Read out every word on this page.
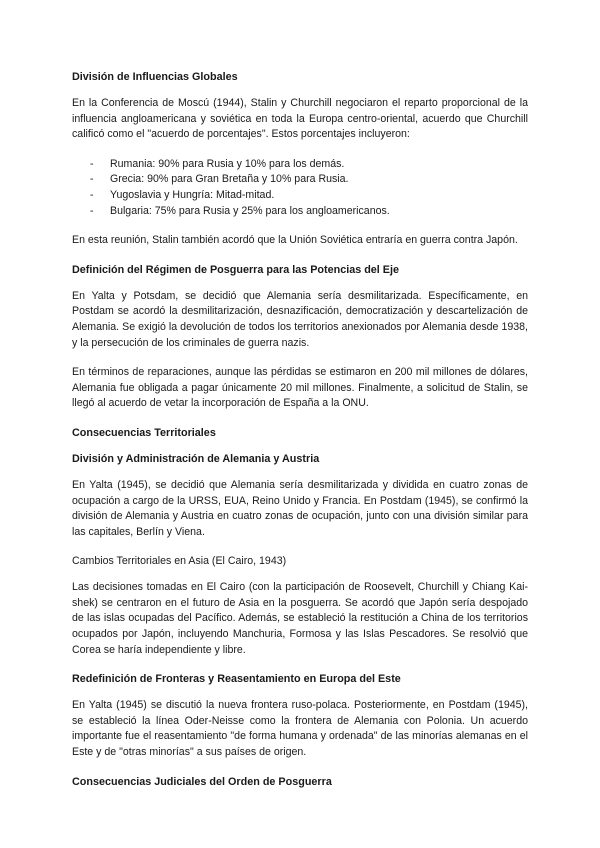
División de Influencias Globales

En la Conferencia de Moscú (1944), Stalin y Churchill negociaron el reparto proporcional de la influencia angloamericana y soviética en toda la Europa centro-oriental, acuerdo que Churchill calificó como el "acuerdo de porcentajes". Estos porcentajes incluyeron:

- Rumania: 90% para Rusia y 10% para los demás.
- Grecia: 90% para Gran Bretaña y 10% para Rusia.
- Yugoslavia y Hungría: Mitad-mitad.
- Bulgaria: 75% para Rusia y 25% para los angloamericanos.

En esta reunión, Stalin también acordó que la Unión Soviética entraría en guerra contra Japón.

Definición del Régimen de Posguerra para las Potencias del Eje

En Yalta y Potsdam, se decidió que Alemania sería desmilitarizada. Específicamente, en Postdam se acordó la desmilitarización, desnazificación, democratización y descartelización de Alemania. Se exigió la devolución de todos los territorios anexionados por Alemania desde 1938, y la persecución de los criminales de guerra nazis.

En términos de reparaciones, aunque las pérdidas se estimaron en 200 mil millones de dólares, Alemania fue obligada a pagar únicamente 20 mil millones. Finalmente, a solicitud de Stalin, se llegó al acuerdo de vetar la incorporación de España a la ONU.

Consecuencias Territoriales
División y Administración de Alemania y Austria

En Yalta (1945), se decidió que Alemania sería desmilitarizada y dividida en cuatro zonas de ocupación a cargo de la URSS, EUA, Reino Unido y Francia. En Postdam (1945), se confirmó la división de Alemania y Austria en cuatro zonas de ocupación, junto con una división similar para las capitales, Berlín y Viena.

Cambios Territoriales en Asia (El Cairo, 1943)

Las decisiones tomadas en El Cairo (con la participación de Roosevelt, Churchill y Chiang Kai-shek) se centraron en el futuro de Asia en la posguerra. Se acordó que Japón sería despojado de las islas ocupadas del Pacífico. Además, se estableció la restitución a China de los territorios ocupados por Japón, incluyendo Manchuria, Formosa y las Islas Pescadores. Se resolvió que Corea se haría independiente y libre.

Redefinición de Fronteras y Reasentamiento en Europa del Este

En Yalta (1945) se discutió la nueva frontera ruso-polaca. Posteriormente, en Postdam (1945), se estableció la línea Oder-Neisse como la frontera de Alemania con Polonia. Un acuerdo importante fue el reasentamiento "de forma humana y ordenada" de las minorías alemanas en el Este y de "otras minorías" a sus países de origen.

Consecuencias Judiciales del Orden de Posguerra
